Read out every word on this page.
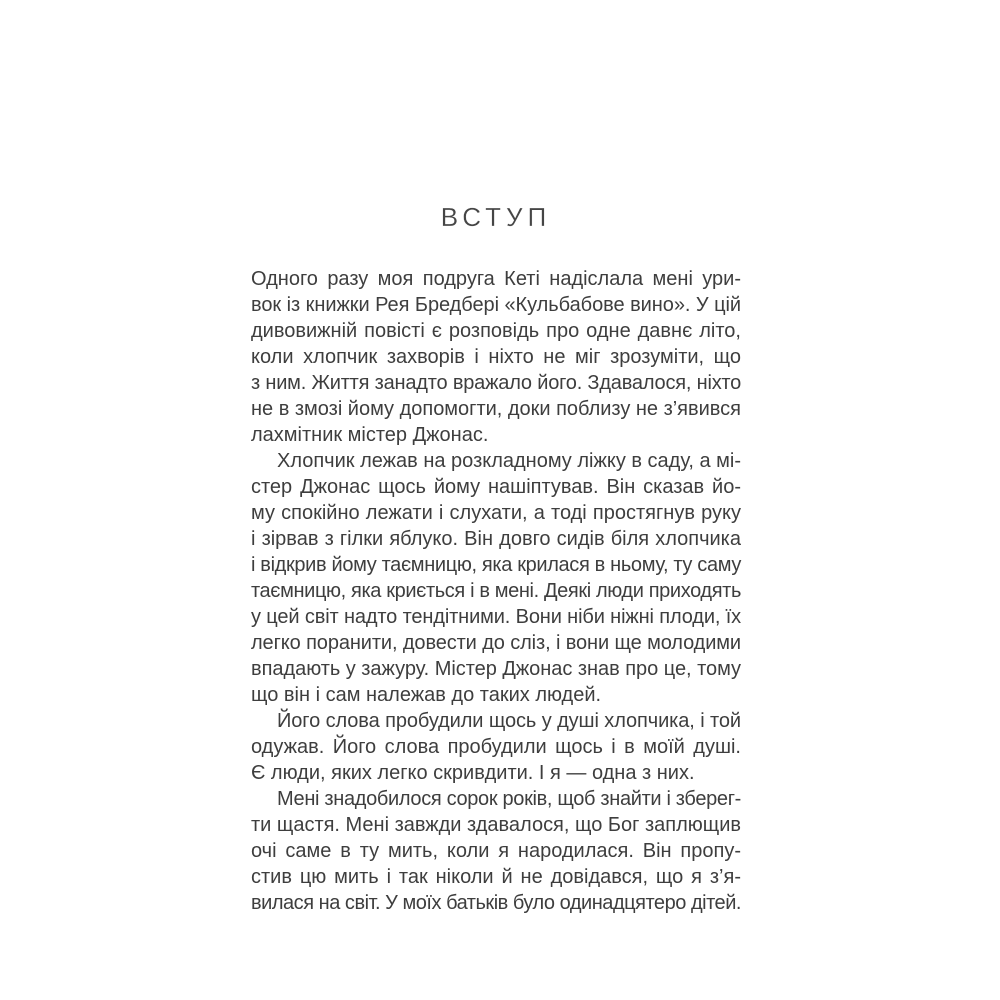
ВСТУП

Одного разу моя подруга Кеті надіслала мені ури-
вок із книжки Рея Бредбері «Кульбабове вино». У цій
дивовижній повісті є розповідь про одне давнє літо,
коли хлопчик захворів і ніхто не міг зрозуміти, що
з ним. Життя занадто вражало його. Здавалося, ніхто
не в змозі йому допомогти, доки поблизу не з’явився
лахмітник містер Джонас.

Хлопчик лежав на розкладному ліжку в саду, а мі-
стер Джонас щось йому нашіптував. Він сказав йо-
му спокійно лежати і слухати, а тоді простягнув руку
і зірвав з гілки яблуко. Він довго сидів біля хлопчика
і відкрив йому таємницю, яка крилася в ньому, ту саму
таємницю, яка криється і в мені. Деякі люди приходять
у цей світ надто тендітними. Вони ніби ніжні плоди, їх
легко поранити, довести до сліз, і вони ще молодими
впадають у зажуру. Містер Джонас знав про це, тому
що він і сам належав до таких людей.

Його слова пробудили щось у душі хлопчика, і той
одужав. Його слова пробудили щось і в моїй душі.
Є люди, яких легко скривдити. І я — одна з них.

Мені знадобилося сорок років, щоб знайти і зберег-
ти щастя. Мені завжди здавалося, що Бог заплющив
очі саме в ту мить, коли я народилася. Він пропу-
стив цю мить і так ніколи й не довідався, що я з’я-
вилася на світ. У моїх батьків було одинадцятеро дітей.
